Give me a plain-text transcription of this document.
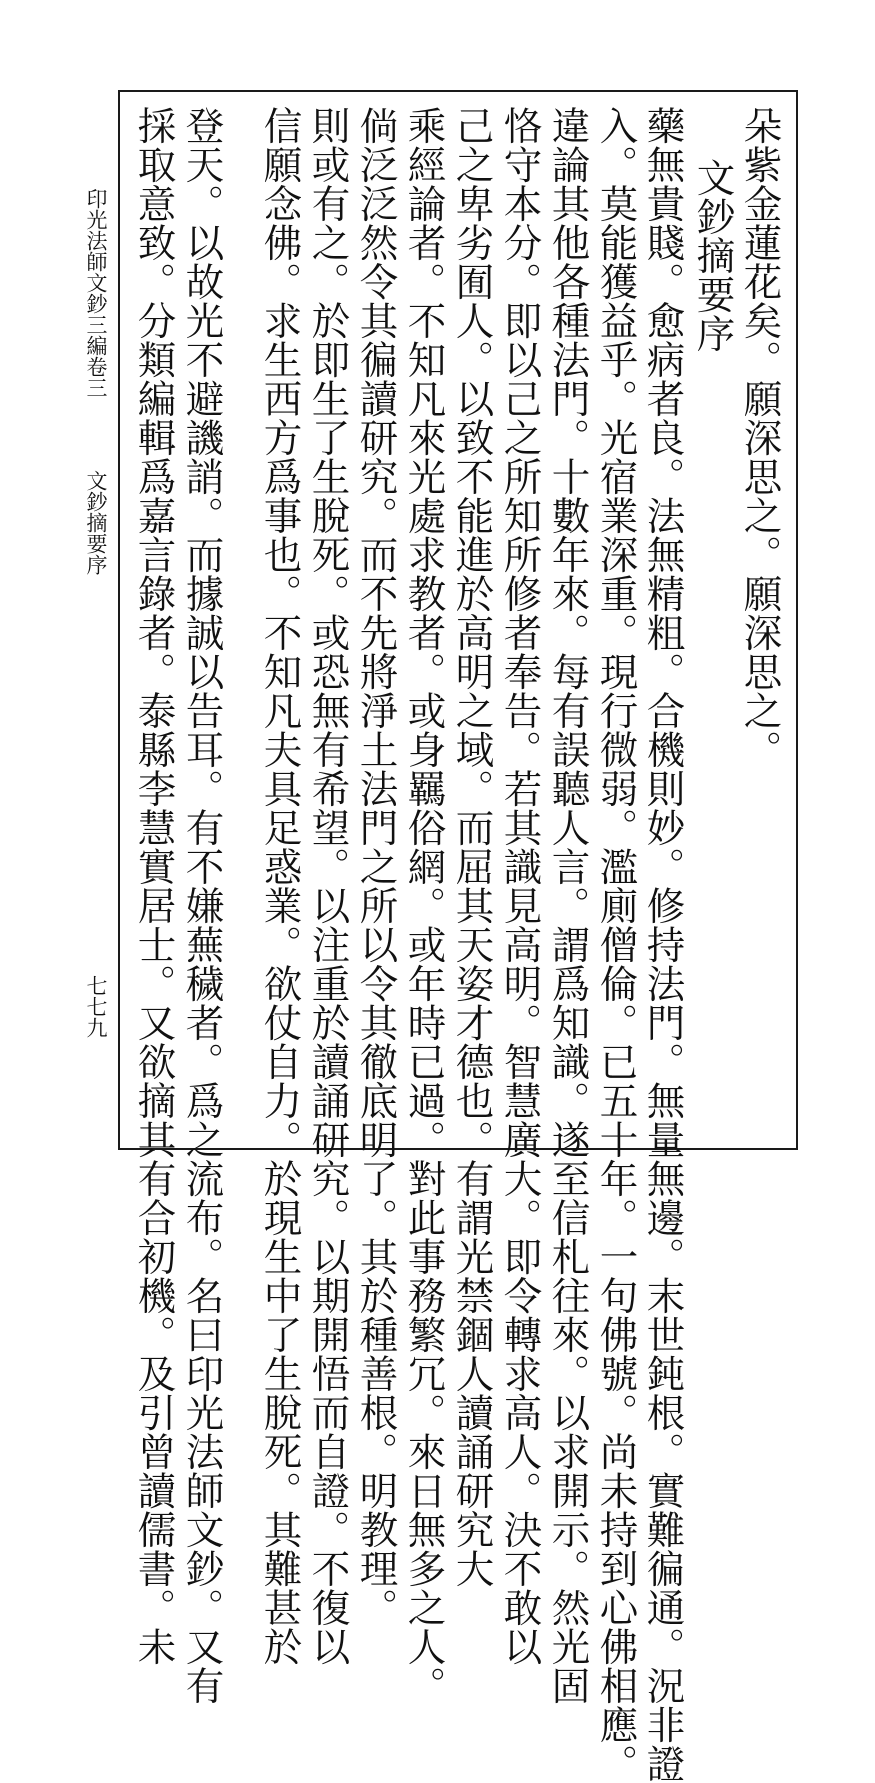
印光法師文鈔三編卷三
文鈔摘要序
七七九
朵紫金蓮花矣。願深思之。願深思之。
文鈔摘要序
藥無貴賤。愈病者良。法無精粗。合機則妙。修持法門。無量無邊。末世鈍根。實難徧通。況非證
入。莫能獲益乎。光宿業深重。現行微弱。濫廁僧倫。已五十年。一句佛號。尚未持到心佛相應。
違論其他各種法門。十數年來。每有誤聽人言。謂爲知識。遂至信札往來。以求開示。然光固
恪守本分。即以己之所知所修者奉告。若其識見高明。智慧廣大。即令轉求高人。決不敢以
己之卑劣囿人。以致不能進於高明之域。而屈其天姿才德也。有謂光禁錮人讀誦研究大
乘經論者。不知凡來光處求教者。或身羈俗網。或年時已過。對此事務繁冗。來日無多之人。
倘泛泛然令其徧讀研究。而不先將淨土法門之所以令其徹底明了。其於種善根。明教理。
則或有之。於即生了生脫死。或恐無有希望。以注重於讀誦研究。以期開悟而自證。不復以
信願念佛。求生西方爲事也。不知凡夫具足惑業。欲仗自力。於現生中了生脫死。其難甚於
登天。以故光不避譏誚。而據誠以告耳。有不嫌蕪穢者。爲之流布。名曰印光法師文鈔。又有
採取意致。分類編輯爲嘉言錄者。泰縣李慧實居士。又欲摘其有合初機。及引曾讀儒書。未
